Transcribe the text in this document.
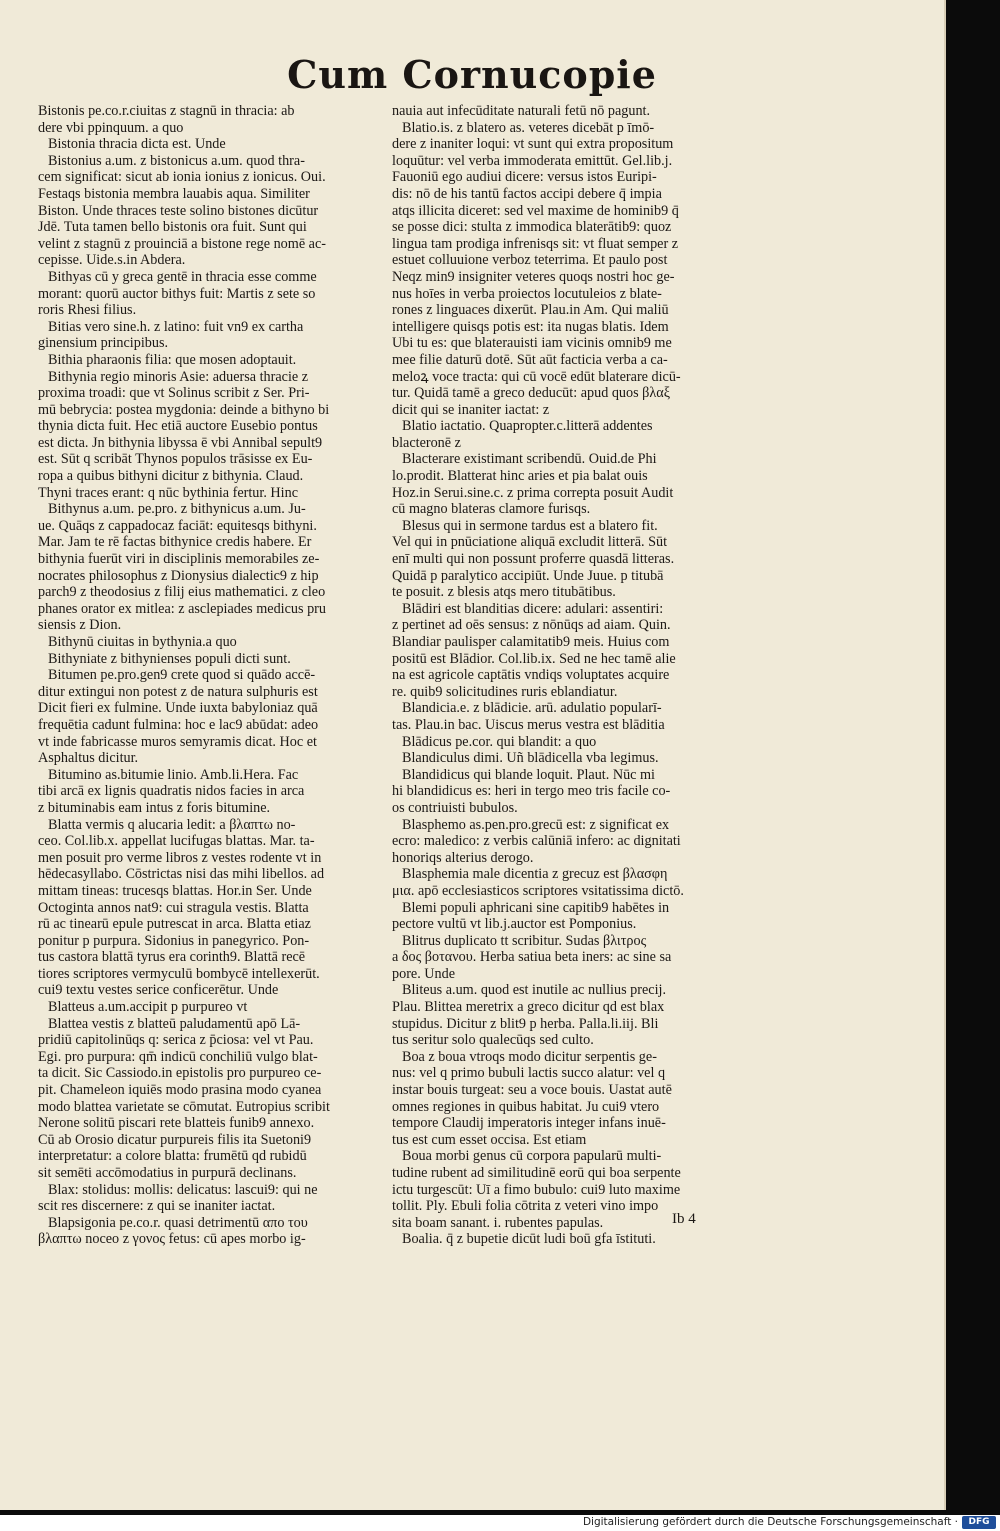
Cum Cornucopie
Bistonis pe.co.r.ciuitas z stagnū in thracia: ab
dere vbi ppinquum. a quo
Bistonia thracia dicta est. Unde
Bistonius a.um. z bistonicus a.um. quod thra-
cem significat: sicut ab ionia ionius z ionicus. Oui.
Festaqs bistonia membra lauabis aqua. Similiter
Biston. Unde thraces teste solino bistones dicūtur
Jdē. Tuta tamen bello bistonis ora fuit. Sunt qui
velint z stagnū z prouinciā a bistone rege nomē ac-
cepisse. Uide.s.in Abdera.
Bithyas cū y greca gentē in thracia esse comme
morant: quorū auctor bithys fuit: Martis z sete so
roris Rhesi filius.
Bitias vero sine.h. z latino: fuit vn9 ex cartha
ginensium principibus.
Bithia pharaonis filia: que mosen adoptauit.
Bithynia regio minoris Asie: aduersa thracie z
proxima troadi: que vt Solinus scribit z Ser. Pri-
mū bebrycia: postea mygdonia: deinde a bithyno bi
thynia dicta fuit. Hec etiā auctore Eusebio pontus
est dicta. Jn bithynia libyssa ē vbi Annibal sepult9
est. Sūt q scribāt Thynos populos trāsisse ex Eu-
ropa a quibus bithyni dicitur z bithynia. Claud.
Thyni traces erant: q nūc bythinia fertur. Hinc
Bithynus a.um. pe.pro. z bithynicus a.um. Ju-
ue. Quāqs z cappadocaz faciāt: equitesqs bithyni.
Mar. Jam te rē factas bithynice credis habere. Er
bithynia fuerūt viri in disciplinis memorabiles ze-
nocrates philosophus z Dionysius dialectic9 z hip
parch9 z theodosius z filij eius mathematici. z cleo
phanes orator ex mitlea: z asclepiades medicus pru
siensis z Dion.
Bithynū ciuitas in bythynia.a quo
Bithyniate z bithynienses populi dicti sunt.
Bitumen pe.pro.gen9 crete quod si quādo accē-
ditur extingui non potest z de natura sulphuris est
Dicit fieri ex fulmine. Unde iuxta babyloniaz quā
frequētia cadunt fulmina: hoc e lac9 abūdat: adeo
vt inde fabricasse muros semyramis dicat. Hoc et
Asphaltus dicitur.
Bitumino as.bitumie linio. Amb.li.Hera. Fac
tibi arcā ex lignis quadratis nidos facies in arca
z bituminabis eam intus z foris bitumine.
Blatta vermis q alucaria ledit: a βλαπτω no-
ceo. Col.lib.x. appellat lucifugas blattas. Mar. ta-
men posuit pro verme libros z vestes rodente vt in
hēdecasyllabo. Cōstrictas nisi das mihi libellos. ad
mittam tineas: trucesqs blattas. Hor.in Ser. Unde
Octoginta annos nat9: cui stragula vestis. Blatta
rū ac tinearū epule putrescat in arca. Blatta etiaz
ponitur p purpura. Sidonius in panegyrico. Pon-
tus castora blattā tyrus era corinth9. Blattā recē
tiores scriptores vermyculū bombycē intellexerūt.
cui9 textu vestes serice conficerētur. Unde
Blatteus a.um.accipit p purpureo vt
Blattea vestis z blatteū paludamentū apō Lā-
pridiū capitolinūqs q: serica z p̄ciosa: vel vt Pau.
Egi. pro purpura: qm̄ indicū conchiliū vulgo blat-
ta dicit. Sic Cassiodo.in epistolis pro purpureo ce-
pit. Chameleon iquiēs modo prasina modo cyanea
modo blattea varietate se cōmutat. Eutropius scribit
Nerone solitū piscari rete blatteis funib9 annexo.
Cū ab Orosio dicatur purpureis filis ita Suetoni9
interpretatur: a colore blatta: frumētū qd rubidū
sit semēti accōmodatius in purpurā declinans.
Blax: stolidus: mollis: delicatus: lascui9: qui ne
scit res discernere: z qui se inaniter iactat.
Blapsigonia pe.co.r. quasi detrimentū απο του
βλαπτω noceo z γονος fetus: cū apes morbo ig-
nauia aut infecūditate naturali fetū nō pagunt.
Blatio.is. z blatero as. veteres dicebāt p īmō-
dere z inaniter loqui: vt sunt qui extra propositum
loquūtur: vel verba immoderata emittūt. Gel.lib.j.
Fauoniū ego audiui dicere: versus istos Euripi-
dis: nō de his tantū factos accipi debere q̄ impia
atqs illicita diceret: sed vel maxime de hominib9 q̄
se posse dici: stulta z immodica blaterātib9: quoz
lingua tam prodiga infrenisqs sit: vt fluat semper z
estuet colluuione verboz teterrima. Et paulo post
Neqz min9 insigniter veteres quoqs nostri hoc ge-
nus hoīes in verba proiectos locutuleios z blate-
rones z linguaces dixerūt. Plau.in Am. Qui maliū
intelligere quisqs potis est: ita nugas blatis. Idem
Ubi tu es: que blaterauisti iam vicinis omnib9 me
mee filie daturū dotē. Sūt aūt facticia verba a ca-
meloꝝ voce tracta: qui cū vocē edūt blaterare dicū-
tur. Quidā tamē a greco deducūt: apud quos βλαξ
dicit qui se inaniter iactat: z
Blatio iactatio. Quapropter.c.litterā addentes
blacteronē z
Blacterare existimant scribendū. Ouid.de Phi
lo.prodit. Blatterat hinc aries et pia balat ouis
Hoz.in Serui.sine.c. z prima correpta posuit Audit
cū magno blateras clamore furisqs.
Blesus qui in sermone tardus est a blatero fit.
Vel qui in pnūciatione aliquā excludit litterā. Sūt
enī multi qui non possunt proferre quasdā litteras.
Quidā p paralytico accipiūt. Unde Juue. p titubā
te posuit. z blesis atqs mero titubātibus.
Blādiri est blanditias dicere: adulari: assentiri:
z pertinet ad oēs sensus: z nōnūqs ad aiam. Quin.
Blandiar paulisper calamitatib9 meis. Huius com
positū est Blādior. Col.lib.ix. Sed ne hec tamē alie
na est agricole captātis vndiqs voluptates acquire
re. quib9 solicitudines ruris eblandiatur.
Blandicia.e. z blādicie. arū. adulatio popularī-
tas. Plau.in bac. Uiscus merus vestra est blāditia
Blādicus pe.cor. qui blandit: a quo
Blandiculus dimi. Uñ blādicella vba legimus.
Blandidicus qui blande loquit. Plaut. Nūc mi
hi blandidicus es: heri in tergo meo tris facile co-
os contriuisti bubulos.
Blasphemo as.pen.pro.grecū est: z significat ex
ecro: maledico: z verbis calūniā infero: ac dignitati
honoriqs alterius derogo.
Blasphemia male dicentia z grecuz est βλασφη
μια. apō ecclesiasticos scriptores vsitatissima dictō.
Blemi populi aphricani sine capitib9 habētes in
pectore vultū vt lib.j.auctor est Pomponius.
Blitrus duplicato tt scribitur. Sudas βλιτρος
a δος βοτανου. Herba satiua beta iners: ac sine sa
pore. Unde
Bliteus a.um. quod est inutile ac nullius precij.
Plau. Blittea meretrix a greco dicitur qd est blax
stupidus. Dicitur z blit9 p herba. Palla.li.iij. Bli
tus seritur solo qualecūqs sed culto.
Boa z boua vtroqs modo dicitur serpentis ge-
nus: vel q primo bubuli lactis succo alatur: vel q
instar bouis turgeat: seu a voce bouis. Uastat autē
omnes regiones in quibus habitat. Ju cui9 vtero
tempore Claudij imperatoris integer infans inuē-
tus est cum esset occisa. Est etiam
Boua morbi genus cū corpora papularū multi-
tudine rubent ad similitudinē eorū qui boa serpente
ictu turgescūt: Uī a fimo bubulo: cui9 luto maxime
tollit. Ply. Ebuli folia cōtrita z veteri vino impo
sita boam sanant. i. rubentes papulas.
Boalia. q̄ z bupetie dicūt ludi boū gfa īstituti.
Ib 4
Digitalisierung gefördert durch die Deutsche Forschungsgemeinschaft ·	DFG
